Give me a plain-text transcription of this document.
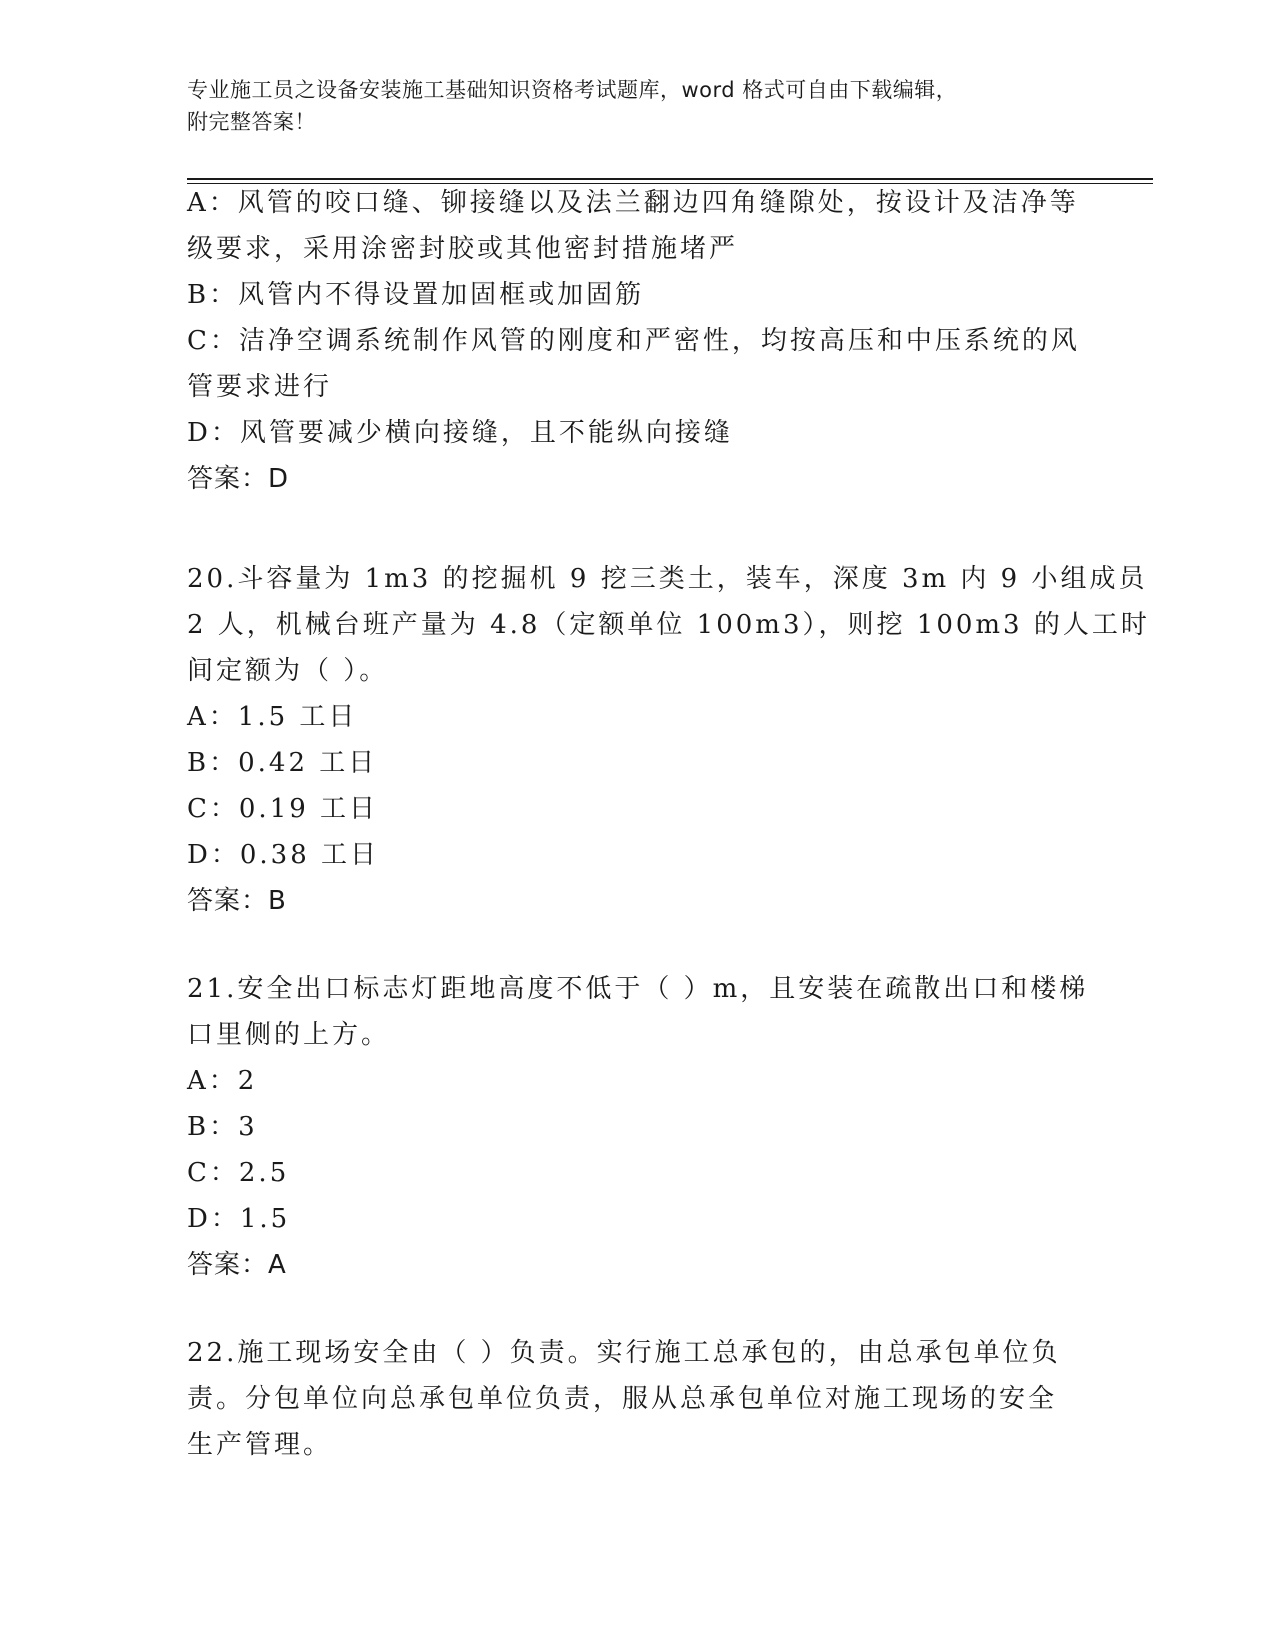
专业施工员之设备安装施工基础知识资格考试题库，word 格式可自由下载编辑，
附完整答案！
A：风管的咬口缝、铆接缝以及法兰翻边四角缝隙处，按设计及洁净等
级要求，采用涂密封胶或其他密封措施堵严
B：风管内不得设置加固框或加固筋
C：洁净空调系统制作风管的刚度和严密性，均按高压和中压系统的风
管要求进行
D：风管要减少横向接缝，且不能纵向接缝
答案：D
20.斗容量为 1m3 的挖掘机 9 挖三类土，装车，深度 3m 内 9 小组成员
2 人，机械台班产量为 4.8（定额单位 100m3），则挖 100m3 的人工时
间定额为（ ）。
A：1.5 工日
B：0.42 工日
C：0.19 工日
D：0.38 工日
答案：B
21.安全出口标志灯距地高度不低于（ ）m，且安装在疏散出口和楼梯
口里侧的上方。
A：2
B：3
C：2.5
D：1.5
答案：A
22.施工现场安全由（ ）负责。实行施工总承包的，由总承包单位负
责。分包单位向总承包单位负责，服从总承包单位对施工现场的安全
生产管理。
